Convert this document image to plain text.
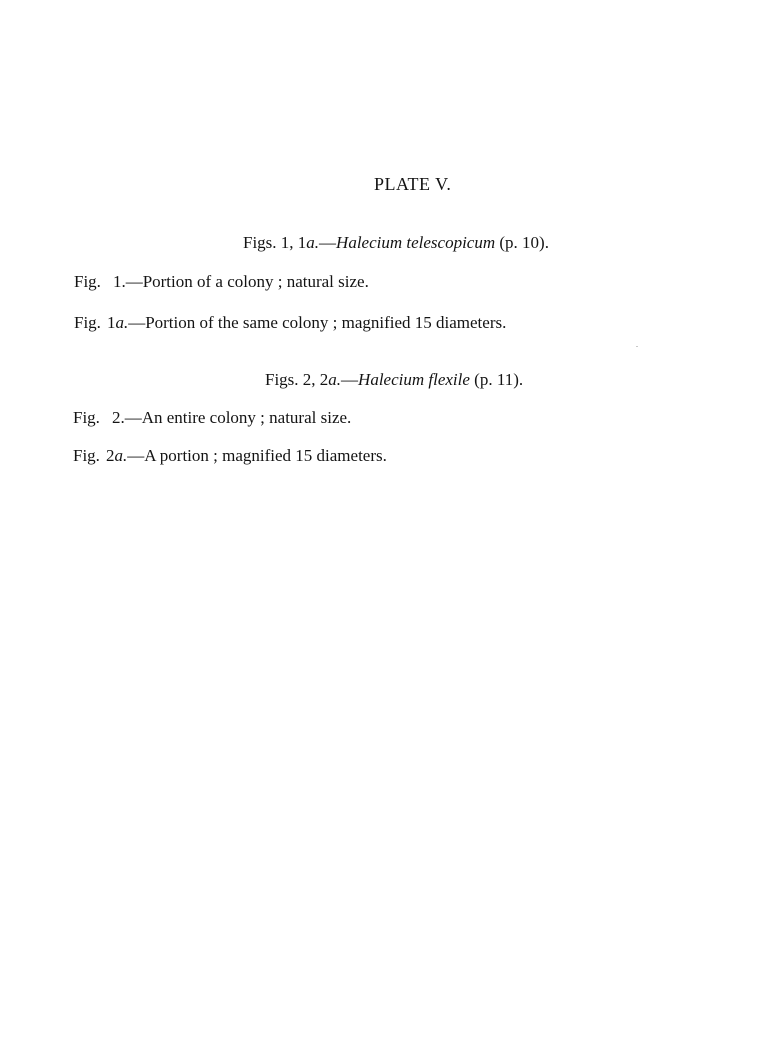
PLATE V.
Figs. 1, 1a.—Halecium telescopicum (p. 10).
Fig. 1.—Portion of a colony ; natural size.
Fig. 1a.—Portion of the same colony ; magnified 15 diameters.
Figs. 2, 2a.—Halecium flexile (p. 11).
Fig. 2.—An entire colony ; natural size.
Fig. 2a.—A portion ; magnified 15 diameters.
